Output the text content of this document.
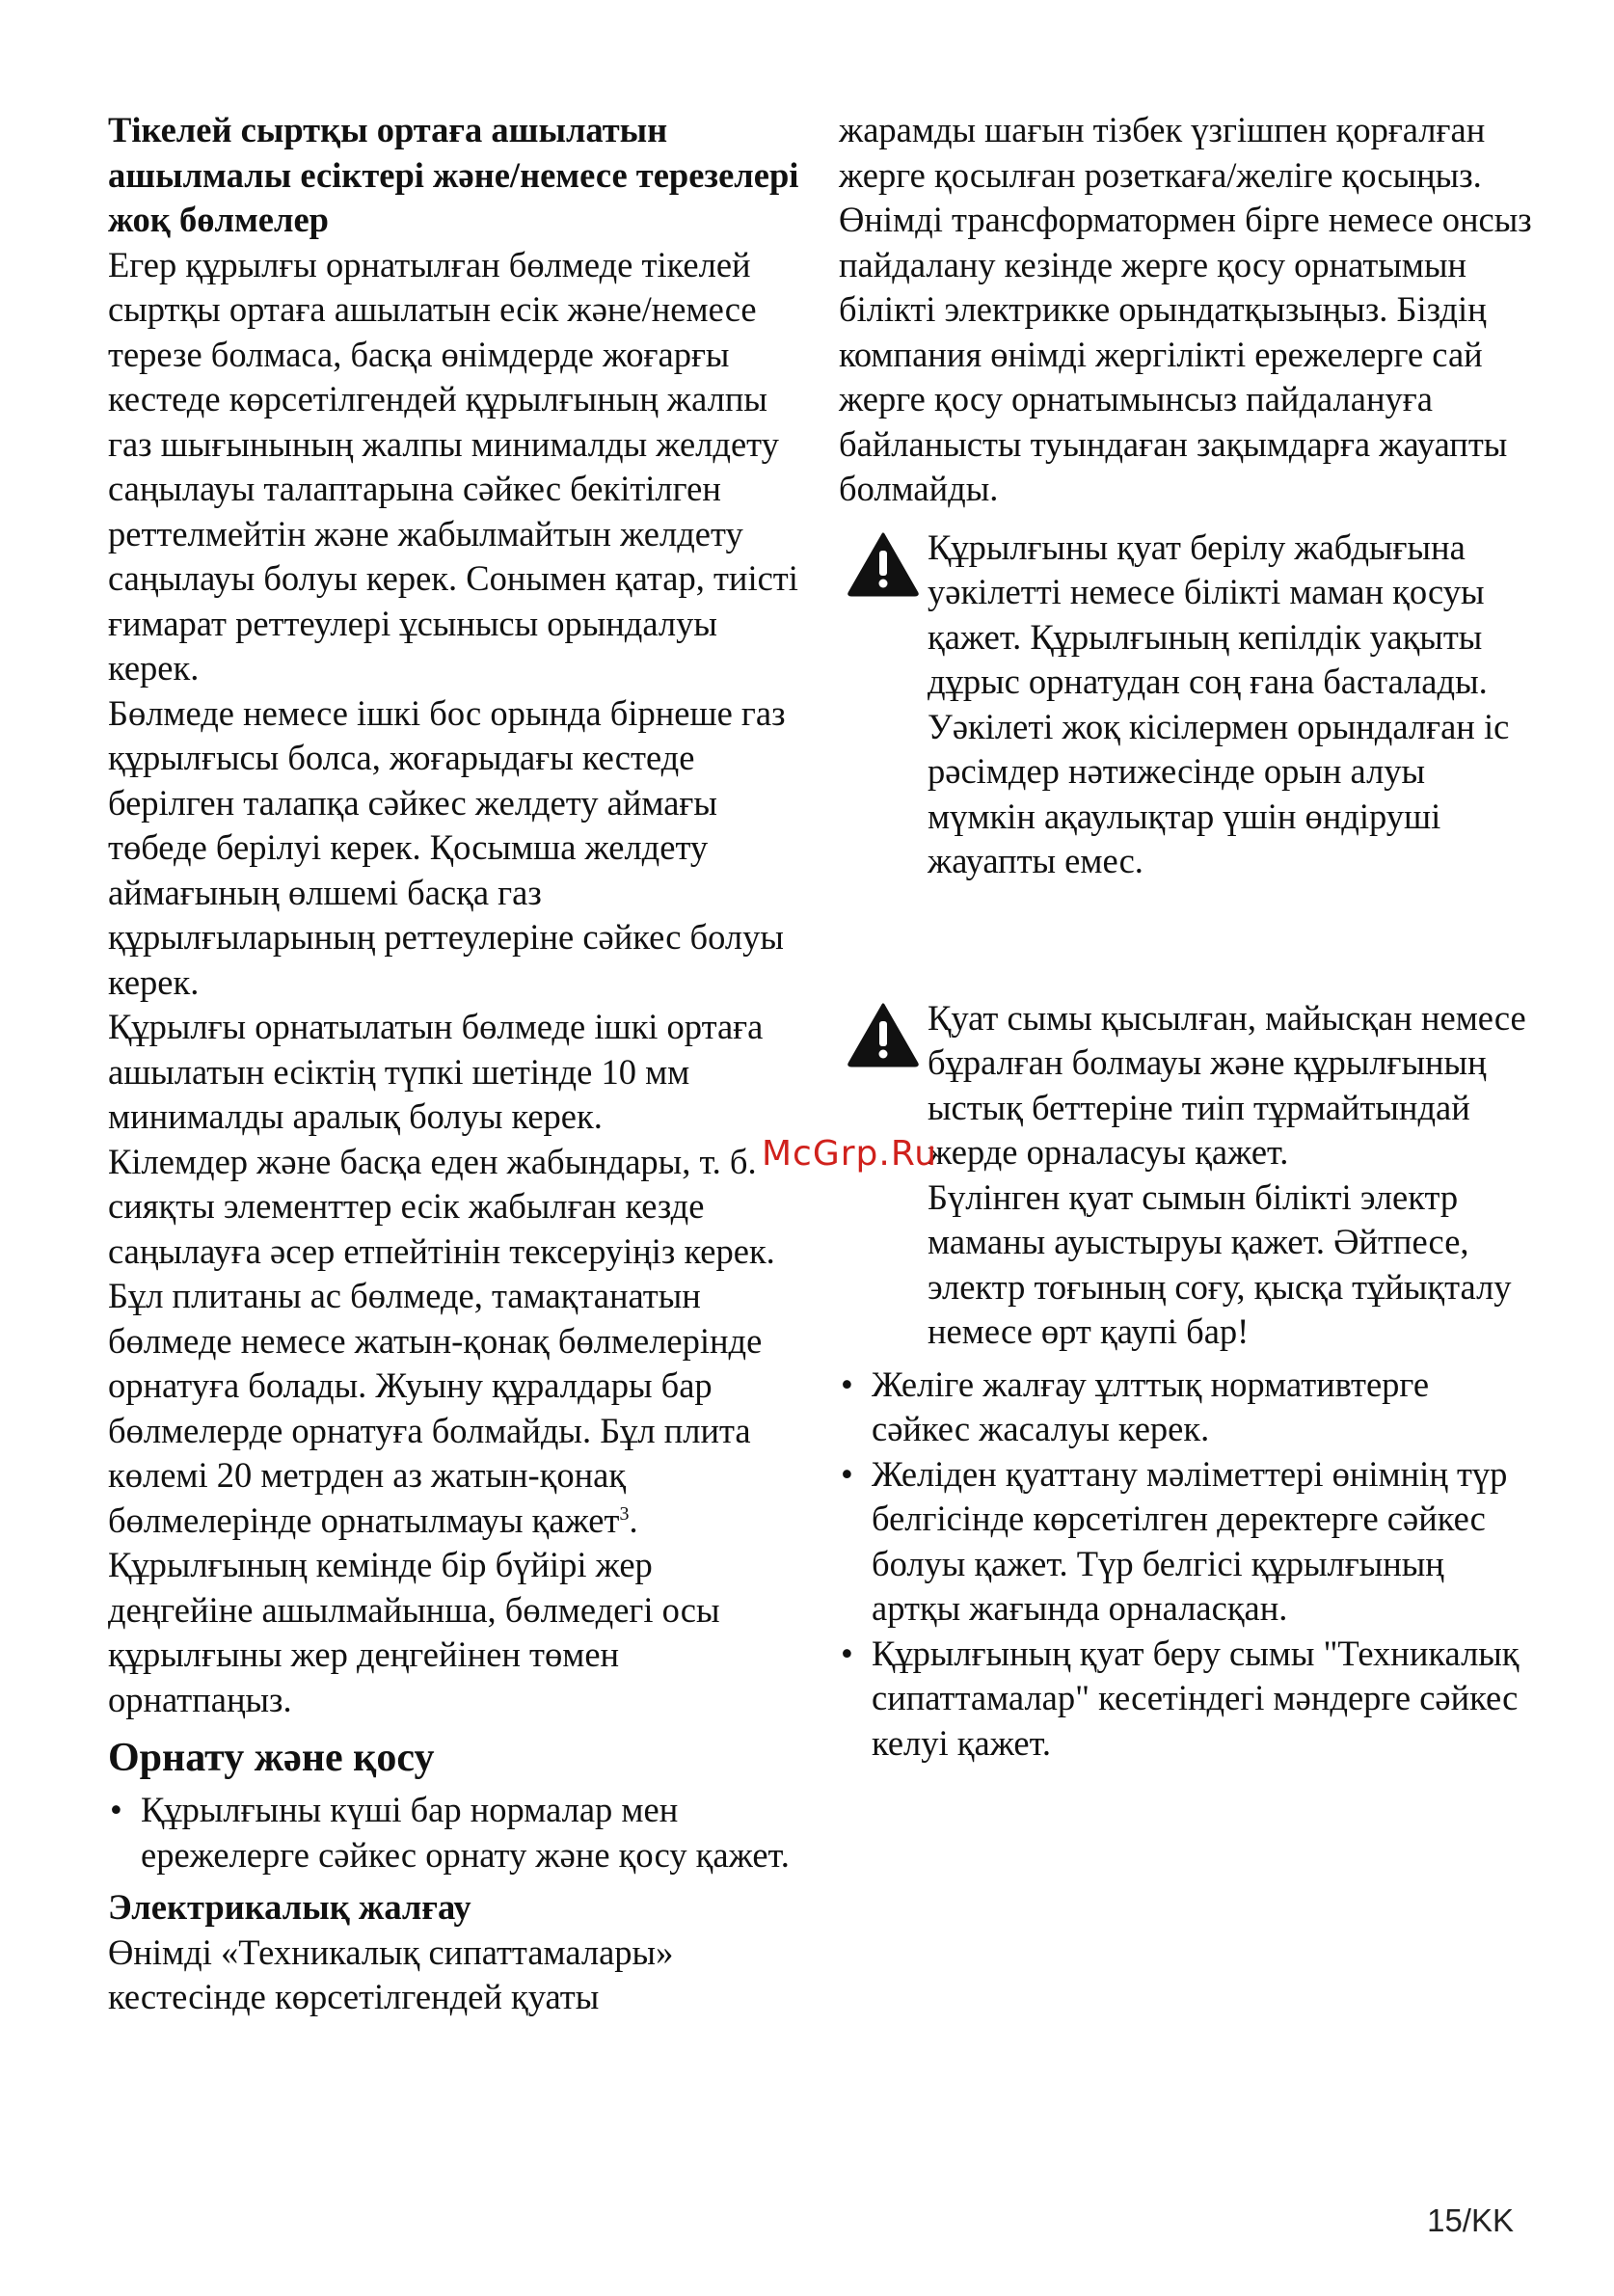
Тікелей сыртқы ортаға ашылатын ашылмалы есіктері және/немесе терезелері жоқ бөлмелер

Егер құрылғы орнатылған бөлмеде тікелей сыртқы ортаға ашылатын есік және/немесе терезе болмаса, басқа өнімдерде жоғарғы кестеде көрсетілгендей құрылғының жалпы газ шығынының жалпы минималды желдету саңылауы талаптарына сәйкес бекітілген реттелмейтін және жабылмайтын желдету саңылауы болуы керек. Сонымен қатар, тиісті ғимарат реттеулері ұсынысы орындалуы керек.

Бөлмеде немесе ішкі бос орында бірнеше газ құрылғысы болса, жоғарыдағы кестеде берілген талапқа сәйкес желдету аймағы төбеде берілуі керек. Қосымша желдету аймағының өлшемі басқа газ құрылғыларының реттеулеріне сәйкес болуы керек.

Құрылғы орнатылатын бөлмеде ішкі ортаға ашылатын есіктің түпкі шетінде 10 мм минималды аралық болуы керек.

Кілемдер және басқа еден жабындары, т. б. сияқты элементтер есік жабылған кезде саңылауға әсер етпейтінін тексеруіңіз керек.

Бұл плитаны ас бөлмеде, тамақтанатын бөлмеде немесе жатын-қонақ бөлмелерінде орнатуға болады. Жуыну құралдары бар бөлмелерде орнатуға болмайды. Бұл плита көлемі 20 метрден аз жатын-қонақ бөлмелерінде орнатылмауы қажет$^3$.

Құрылғының кемінде бір бүйірі жер деңгейіне ашылмайынша, бөлмедегі осы құрылғыны жер деңгейінен төмен орнатпаңыз.

Орнату және қосу

• Құрылғыны күші бар нормалар мен ережелерге сәйкес орнату және қосу қажет.

Электрикалық жалғау

Өнімді «Техникалық сипаттамалары» кестесінде көрсетілгендей қуаты

жарамды шағын тізбек үзгішпен қорғалған жерге қосылған розеткаға/желіге қосыңыз. Өнімді трансформатормен бірге немесе онсыз пайдалану кезінде жерге қосу орнатымын білікті электрикке орындатқызыңыз. Біздің компания өнімді жергілікті ережелерге сай жерге қосу орнатымынсыз пайдалануға байланысты туындаған зақымдарға жауапты болмайды.

Құрылғыны қуат берілу жабдығына уәкілетті немесе білікті маман қосуы қажет. Құрылғының кепілдік уақыты дұрыс орнатудан соң ғана басталады.

Уәкілеті жоқ кісілермен орындалған іс рәсімдер нәтижесінде орын алуы мүмкін ақаулықтар үшін өндіруші жауапты емес.

Қуат сымы қысылған, майысқан немесе бұралған болмауы және құрылғының ыстық беттеріне тиіп тұрмайтындай жерде орналасуы қажет.

Бүлінген қуат сымын білікті электр маманы ауыстыруы қажет. Әйтпесе, электр тоғының соғу, қысқа тұйықталу немесе өрт қаупі бар!

• Желіге жалғау ұлттық нормативтерге сәйкес жасалуы керек.
• Желіден қуаттану мәліметтері өнімнің түр белгісінде көрсетілген деректерге сәйкес болуы қажет. Түр белгісі құрылғының артқы жағында орналасқан.
• Құрылғының қуат беру сымы "Техникалық сипаттамалар" кесетіндегі мәндерге сәйкес келуі қажет.
McGrp.Ru
15/KK
